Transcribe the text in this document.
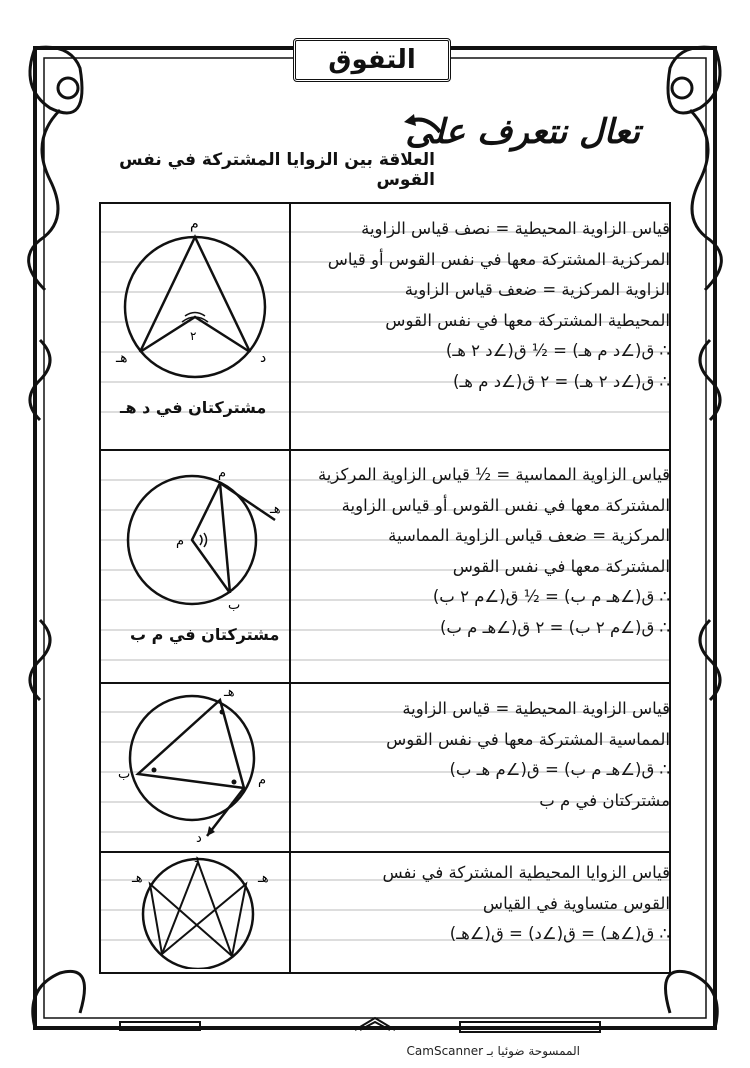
التفوق
تعال نتعرف على
العلاقة بين الزوايا المشتركة في نفس القوس
قياس الزاوية المحيطية = نصف قياس الزاوية
المركزية المشتركة معها في نفس القوس أو قياس
الزاوية المركزية = ضعف قياس الزاوية
المحيطية المشتركة معها في نفس القوس
∴ ق(∠د م هـ) = ½ ق(∠د ٢ هـ)
∴ ق(∠د ٢ هـ) = ٢ ق(∠د م هـ)
م
هـ	د
٢
مشتركتان في د هـ
قياس الزاوية المماسية = ½ قياس الزاوية المركزية
المشتركة معها في نفس القوس أو قياس الزاوية
المركزية = ضعف قياس الزاوية المماسية
المشتركة معها في نفس القوس
∴ ق(∠هـ م ب) = ½ ق(∠م ٢ ب)
∴ ق(∠م ٢ ب) = ٢ ق(∠هـ م ب)
م
هـ
ب
م
مشتركتان في م ب
قياس الزاوية المحيطية = قياس الزاوية
المماسية المشتركة معها في نفس القوس
∴ ق(∠هـ م ب) = ق(∠م هـ ب)
مشتركتان في م ب
هـ
ب	م
د
قياس الزوايا المحيطية المشتركة في نفس
القوس متساوية في القياس
∴ ق(∠هـ) = ق(∠د) = ق(∠هـ)
هـ
د
هـ
الممسوحة ضوئيا بـ CamScanner
